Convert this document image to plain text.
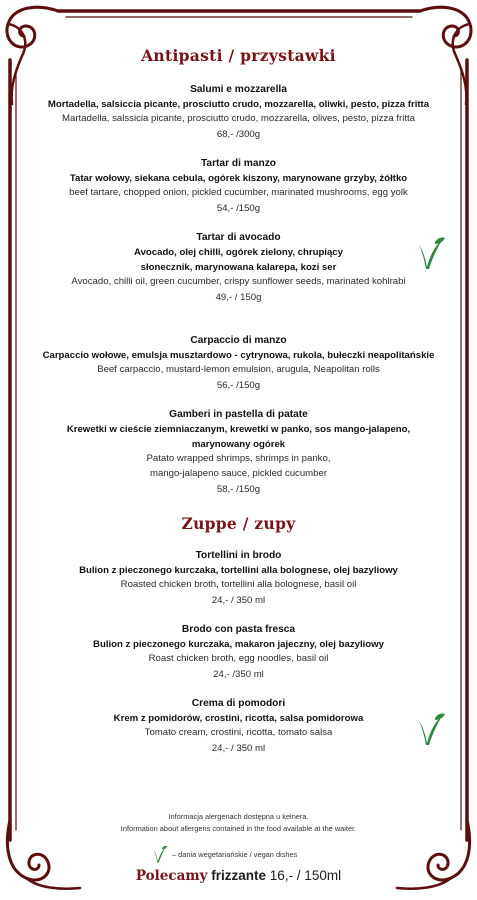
Antipasti / przystawki
Salumi e mozzarella
Mortadella, salsiccia picante, prosciutto crudo, mozzarella, oliwki, pesto, pizza fritta
Martadella, salssicia picante, prosciutto crudo, mozzarella, olives, pesto, pizza fritta
68,- /300g
Tartar di manzo
Tatar wołowy, siekana cebula, ogórek kiszony, marynowane grzyby, żółtko
beef tartare, chopped onion, pickled cucumber, marinated mushrooms, egg yolk
54,- /150g
Tartar di avocado
Avocado, olej chilli, ogórek zielony, chrupiący słonecznik, marynowana kalarepa, kozi ser
Avocado, chilli oil, green cucumber, crispy sunflower seeds, marinated kohlrabi
49,- / 150g
Carpaccio di manzo
Carpaccio wołowe, emulsja musztardowo - cytrynowa, rukola, bułeczki neapolitańskie
Beef carpaccio, mustard-lemon emulsion, arugula, Neapolitan rolls
56,- /150g
Gamberi in pastella di patate
Krewetki w cieście ziemniaczanym, krewetki w panko, sos mango-jalapeno, marynowany ogórek
Patato wrapped shrimps, shrimps in panko, mango-jalapeno sauce, pickled cucumber
58,- /150g
Zuppe / zupy
Tortellini in brodo
Bulion z pieczonego kurczaka, tortellini alla bolognese, olej bazyliowy
Roasted chicken broth, tortellini alla bolognese, basil oil
24,- / 350 ml
Brodo con pasta fresca
Bulion z pieczonego kurczaka, makaron jajeczny, olej bazyliowy
Roast chicken broth, egg noodles, basil oil
24,- /350 ml
Crema di pomodori
Krem z pomidorów, crostini, ricotta, salsa pomidorowa
Tomato cream, crostini, ricotta, tomato salsa
24,- / 350 ml
Informacja alergenach dostępna u kelnera.
Information about allergens contained in the food available at the waiter.
– dania wegetariańskie / vegan dishes
Polecamy frizzante 16,- / 150ml
